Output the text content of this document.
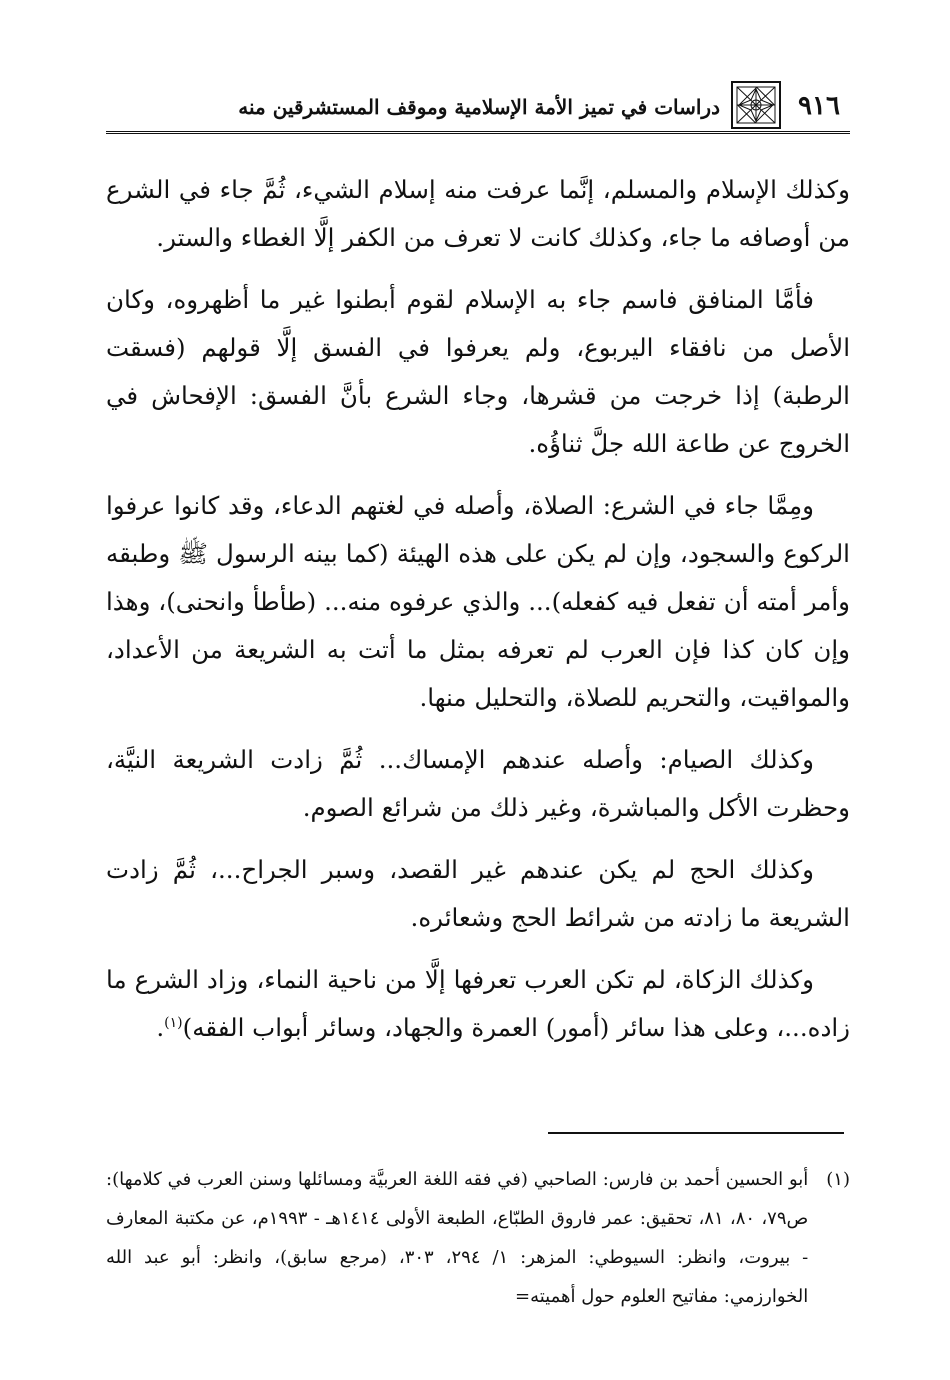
٩١٦
دراسات في تميز الأمة الإسلامية وموقف المستشرقين منه

وكذلك الإسلام والمسلم، إنَّما عرفت منه إسلام الشيء، ثُمَّ جاء في الشرع من أوصافه ما جاء، وكذلك كانت لا تعرف من الكفر إلَّا الغطاء والستر.

فأمَّا المنافق فاسم جاء به الإسلام لقوم أبطنوا غير ما أظهروه، وكان الأصل من نافقاء اليربوع، ولم يعرفوا في الفسق إلَّا قولهم (فسقت الرطبة) إذا خرجت من قشرها، وجاء الشرع بأنَّ الفسق: الإفحاش في الخروج عن طاعة الله جلَّ ثناؤُه.

ومِمَّا جاء في الشرع: الصلاة، وأصله في لغتهم الدعاء، وقد كانوا عرفوا الركوع والسجود، وإن لم يكن على هذه الهيئة (كما بينه الرسول ﷺ وطبقه وأمر أمته أن تفعل فيه كفعله)... والذي عرفوه منه... (طأطأ وانحنى)، وهذا وإن كان كذا فإن العرب لم تعرفه بمثل ما أتت به الشريعة من الأعداد، والمواقيت، والتحريم للصلاة، والتحليل منها.

وكذلك الصيام: وأصله عندهم الإمساك... ثُمَّ زادت الشريعة النيَّة، وحظرت الأكل والمباشرة، وغير ذلك من شرائع الصوم.

وكذلك الحج لم يكن عندهم غير القصد، وسبر الجراح...، ثُمَّ زادت الشريعة ما زادته من شرائط الحج وشعائره.

وكذلك الزكاة، لم تكن العرب تعرفها إلَّا من ناحية النماء، وزاد الشرع ما زاده...، وعلى هذا سائر (أمور) العمرة والجهاد، وسائر أبواب الفقه)$^{(١)}$.

(١)
أبو الحسين أحمد بن فارس: الصاحبي (في فقه اللغة العربيَّة ومسائلها وسنن العرب في كلامها): ص٧٩، ٨٠، ٨١، تحقيق: عمر فاروق الطبّاع، الطبعة الأولى ١٤١٤هـ - ١٩٩٣م، عن مكتبة المعارف - بيروت، وانظر: السيوطي: المزهر: ١/ ٢٩٤، ٣٠٣، (مرجع سابق)، وانظر: أبو عبد الله الخوارزمي: مفاتيح العلوم حول أهميته=
